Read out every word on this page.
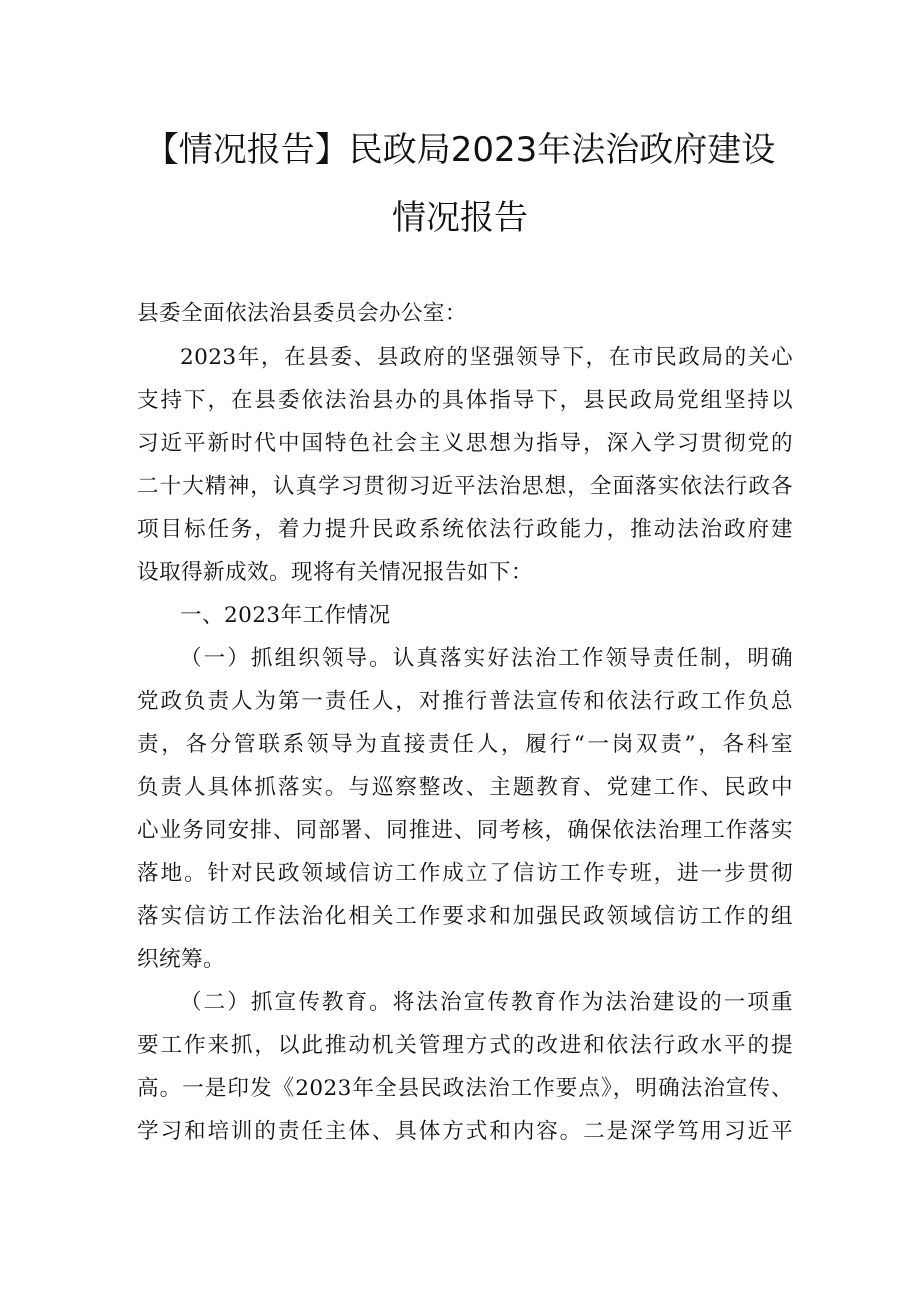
【情况报告】民政局2023年法治政府建设
情况报告
县委全面依法治县委员会办公室：
2023年，在县委、县政府的坚强领导下，在市民政局的关心
支持下，在县委依法治县办的具体指导下，县民政局党组坚持以
习近平新时代中国特色社会主义思想为指导，深入学习贯彻党的
二十大精神，认真学习贯彻习近平法治思想，全面落实依法行政各
项目标任务，着力提升民政系统依法行政能力，推动法治政府建
设取得新成效。现将有关情况报告如下：
一、2023年工作情况
（一）抓组织领导。认真落实好法治工作领导责任制，明确
党政负责人为第一责任人，对推行普法宣传和依法行政工作负总
责，各分管联系领导为直接责任人，履行“一岗双责”，各科室
负责人具体抓落实。与巡察整改、主题教育、党建工作、民政中
心业务同安排、同部署、同推进、同考核，确保依法治理工作落实
落地。针对民政领域信访工作成立了信访工作专班，进一步贯彻
落实信访工作法治化相关工作要求和加强民政领域信访工作的组
织统筹。
（二）抓宣传教育。将法治宣传教育作为法治建设的一项重
要工作来抓，以此推动机关管理方式的改进和依法行政水平的提
高。一是印发《2023年全县民政法治工作要点》，明确法治宣传、
学习和培训的责任主体、具体方式和内容。二是深学笃用习近平
